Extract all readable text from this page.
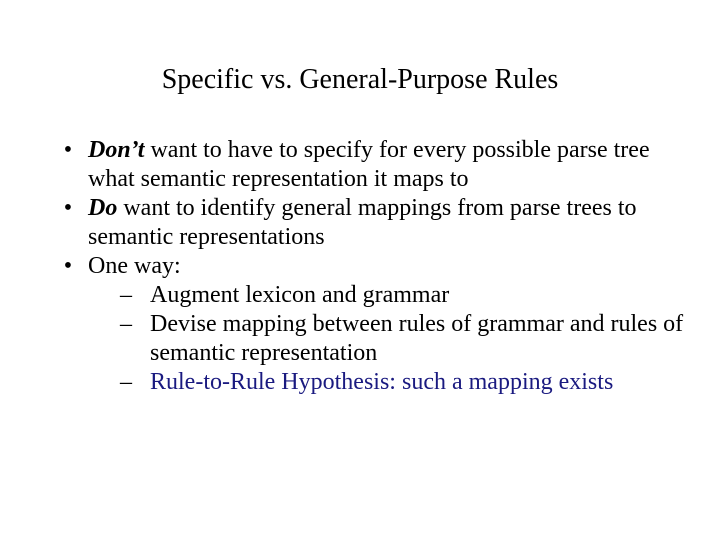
Specific vs. General-Purpose Rules
• Don’t want to have to specify for every possible parse tree what semantic representation it maps to
• Do want to identify general mappings from parse trees to semantic representations
• One way:
– Augment lexicon and grammar
– Devise mapping between rules of grammar and rules of semantic representation
– Rule-to-Rule Hypothesis: such a mapping exists
